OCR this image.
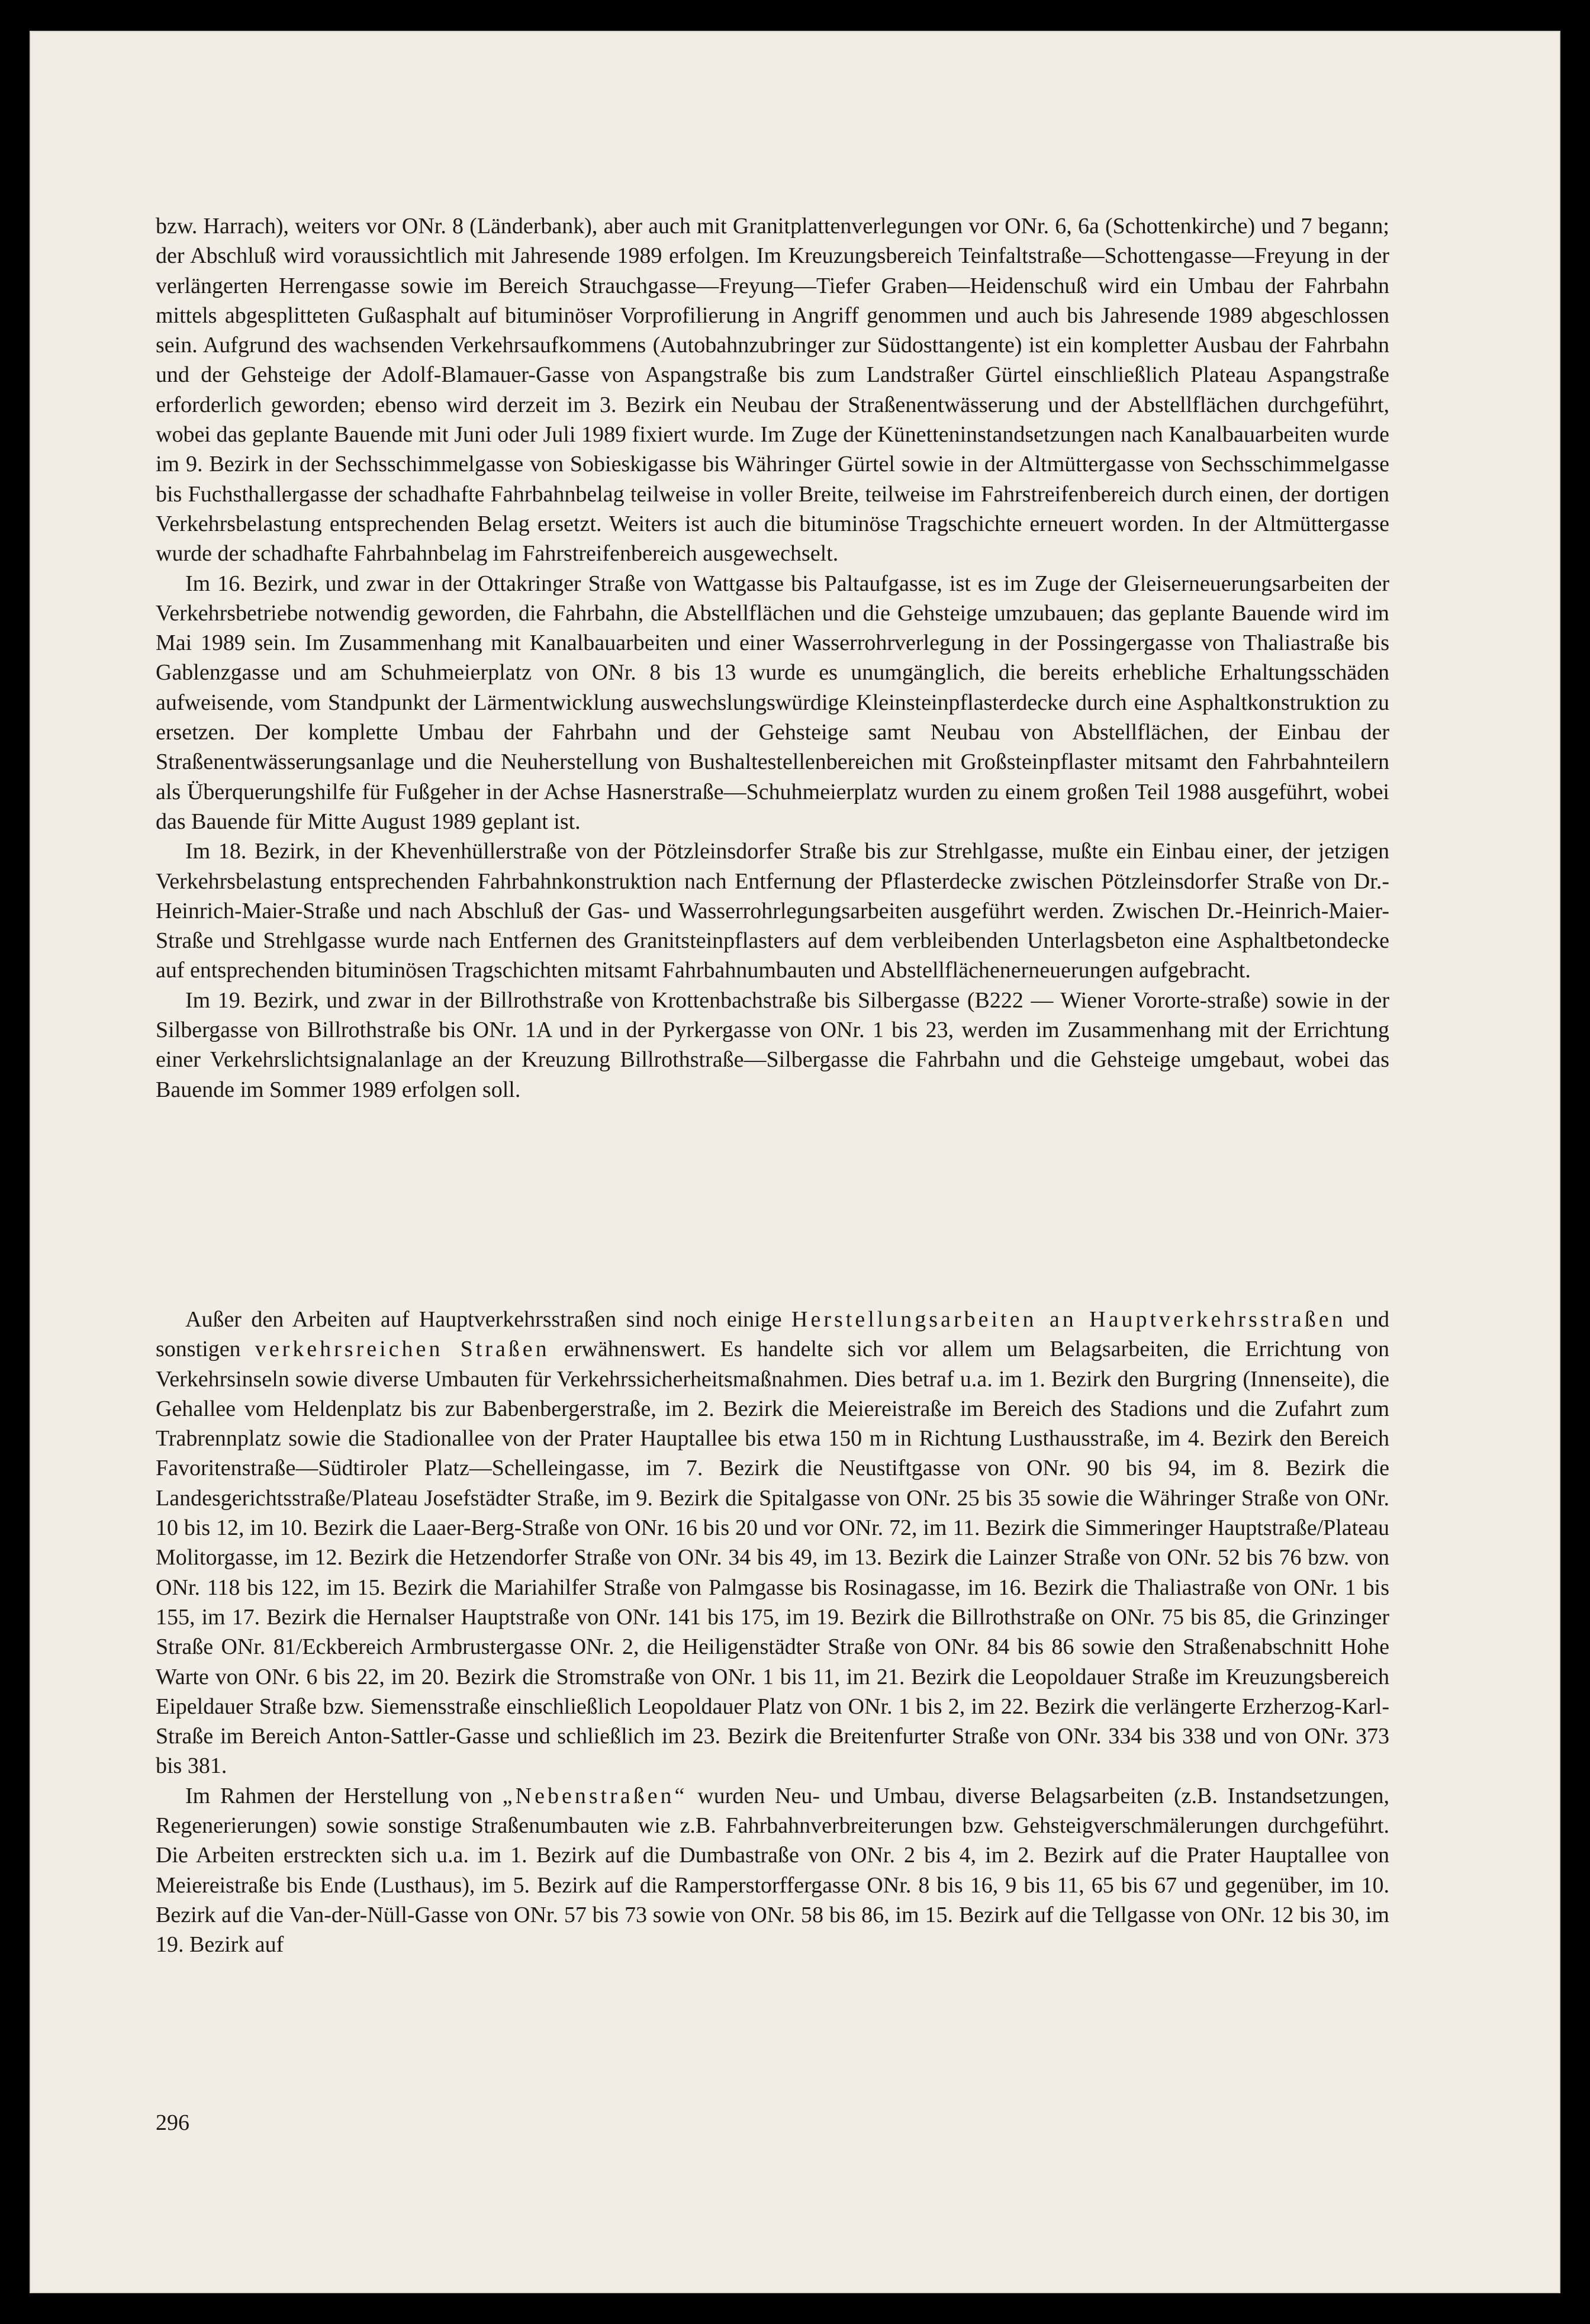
bzw. Harrach), weiters vor ONr. 8 (Länderbank), aber auch mit Granitplattenverlegungen vor ONr. 6, 6a (Schottenkirche) und 7 begann; der Abschluß wird voraussichtlich mit Jahresende 1989 erfolgen. Im Kreuzungsbereich Teinfaltstraße—Schottengasse—Freyung in der verlängerten Herrengasse sowie im Bereich Strauchgasse—Freyung—Tiefer Graben—Heidenschuß wird ein Umbau der Fahrbahn mittels abgesplitteten Gußasphalt auf bituminöser Vorprofilierung in Angriff genommen und auch bis Jahresende 1989 abgeschlossen sein. Aufgrund des wachsenden Verkehrsaufkommens (Autobahnzubringer zur Südosttangente) ist ein kompletter Ausbau der Fahrbahn und der Gehsteige der Adolf-Blamauer-Gasse von Aspangstraße bis zum Landstraßer Gürtel einschließlich Plateau Aspangstraße erforderlich geworden; ebenso wird derzeit im 3. Bezirk ein Neubau der Straßenentwässerung und der Abstellflächen durchgeführt, wobei das geplante Bauende mit Juni oder Juli 1989 fixiert wurde. Im Zuge der Künetteninstandsetzungen nach Kanalbauarbeiten wurde im 9. Bezirk in der Sechsschimmelgasse von Sobieskigasse bis Währinger Gürtel sowie in der Altmüttergasse von Sechsschimmelgasse bis Fuchsthallergasse der schadhafte Fahrbahnbelag teilweise in voller Breite, teilweise im Fahrstreifenbereich durch einen, der dortigen Verkehrsbelastung entsprechenden Belag ersetzt. Weiters ist auch die bituminöse Tragschichte erneuert worden. In der Altmüttergasse wurde der schadhafte Fahrbahnbelag im Fahrstreifenbereich ausgewechselt.

Im 16. Bezirk, und zwar in der Ottakringer Straße von Wattgasse bis Paltaufgasse, ist es im Zuge der Gleiserneuerungsarbeiten der Verkehrsbetriebe notwendig geworden, die Fahrbahn, die Abstellflächen und die Gehsteige umzubauen; das geplante Bauende wird im Mai 1989 sein. Im Zusammenhang mit Kanalbauarbeiten und einer Wasserrohrverlegung in der Possingergasse von Thaliastraße bis Gablenzgasse und am Schuhmeierplatz von ONr. 8 bis 13 wurde es unumgänglich, die bereits erhebliche Erhaltungsschäden aufweisende, vom Standpunkt der Lärmentwicklung auswechslungswürdige Kleinsteinpflasterdecke durch eine Asphaltkonstruktion zu ersetzen. Der komplette Umbau der Fahrbahn und der Gehsteige samt Neubau von Abstellflächen, der Einbau der Straßenentwässerungsanlage und die Neuherstellung von Bushaltestellenbereichen mit Großsteinpflaster mitsamt den Fahrbahnteilern als Überquerungshilfe für Fußgeher in der Achse Hasnerstraße—Schuhmeierplatz wurden zu einem großen Teil 1988 ausgeführt, wobei das Bauende für Mitte August 1989 geplant ist.

Im 18. Bezirk, in der Khevenhüllerstraße von der Pötzleinsdorfer Straße bis zur Strehlgasse, mußte ein Einbau einer, der jetzigen Verkehrsbelastung entsprechenden Fahrbahnkonstruktion nach Entfernung der Pflasterdecke zwischen Pötzleinsdorfer Straße von Dr.-Heinrich-Maier-Straße und nach Abschluß der Gas- und Wasserrohrlegungsarbeiten ausgeführt werden. Zwischen Dr.-Heinrich-Maier-Straße und Strehlgasse wurde nach Entfernen des Granitsteinpflasters auf dem verbleibenden Unterlagsbeton eine Asphaltbetondecke auf entsprechenden bituminösen Tragschichten mitsamt Fahrbahnumbauten und Abstellflächenerneuerungen aufgebracht.

Im 19. Bezirk, und zwar in der Billrothstraße von Krottenbachstraße bis Silbergasse (B222 — Wiener Vororte-straße) sowie in der Silbergasse von Billrothstraße bis ONr. 1A und in der Pyrkergasse von ONr. 1 bis 23, werden im Zusammenhang mit der Errichtung einer Verkehrslichtsignalanlage an der Kreuzung Billrothstraße—Silbergasse die Fahrbahn und die Gehsteige umgebaut, wobei das Bauende im Sommer 1989 erfolgen soll.

Außer den Arbeiten auf Hauptverkehrsstraßen sind noch einige Herstellungsarbeiten an Hauptverkehrsstraßen und sonstigen verkehrsreichen Straßen erwähnenswert. Es handelte sich vor allem um Belagsarbeiten, die Errichtung von Verkehrsinseln sowie diverse Umbauten für Verkehrssicherheitsmaßnahmen. Dies betraf u.a. im 1. Bezirk den Burgring (Innenseite), die Gehallee vom Heldenplatz bis zur Babenbergerstraße, im 2. Bezirk die Meiereistraße im Bereich des Stadions und die Zufahrt zum Trabrennplatz sowie die Stadionallee von der Prater Hauptallee bis etwa 150 m in Richtung Lusthausstraße, im 4. Bezirk den Bereich Favoritenstraße—Südtiroler Platz—Schelleingasse, im 7. Bezirk die Neustiftgasse von ONr. 90 bis 94, im 8. Bezirk die Landesgerichtsstraße/Plateau Josefstädter Straße, im 9. Bezirk die Spitalgasse von ONr. 25 bis 35 sowie die Währinger Straße von ONr. 10 bis 12, im 10. Bezirk die Laaer-Berg-Straße von ONr. 16 bis 20 und vor ONr. 72, im 11. Bezirk die Simmeringer Hauptstraße/Plateau Molitorgasse, im 12. Bezirk die Hetzendorfer Straße von ONr. 34 bis 49, im 13. Bezirk die Lainzer Straße von ONr. 52 bis 76 bzw. von ONr. 118 bis 122, im 15. Bezirk die Mariahilfer Straße von Palmgasse bis Rosinagasse, im 16. Bezirk die Thaliastraße von ONr. 1 bis 155, im 17. Bezirk die Hernalser Hauptstraße von ONr. 141 bis 175, im 19. Bezirk die Billrothstraße on ONr. 75 bis 85, die Grinzinger Straße ONr. 81/Eckbereich Armbrustergasse ONr. 2, die Heiligenstädter Straße von ONr. 84 bis 86 sowie den Straßenabschnitt Hohe Warte von ONr. 6 bis 22, im 20. Bezirk die Stromstraße von ONr. 1 bis 11, im 21. Bezirk die Leopoldauer Straße im Kreuzungsbereich Eipeldauer Straße bzw. Siemensstraße einschließlich Leopoldauer Platz von ONr. 1 bis 2, im 22. Bezirk die verlängerte Erzherzog-Karl-Straße im Bereich Anton-Sattler-Gasse und schließlich im 23. Bezirk die Breitenfurter Straße von ONr. 334 bis 338 und von ONr. 373 bis 381.

Im Rahmen der Herstellung von „Nebenstraßen“ wurden Neu- und Umbau, diverse Belagsarbeiten (z.B. Instandsetzungen, Regenerierungen) sowie sonstige Straßenumbauten wie z.B. Fahrbahnverbreiterungen bzw. Gehsteigverschmälerungen durchgeführt. Die Arbeiten erstreckten sich u.a. im 1. Bezirk auf die Dumbastraße von ONr. 2 bis 4, im 2. Bezirk auf die Prater Hauptallee von Meiereistraße bis Ende (Lusthaus), im 5. Bezirk auf die Ramperstorffergasse ONr. 8 bis 16, 9 bis 11, 65 bis 67 und gegenüber, im 10. Bezirk auf die Van-der-Nüll-Gasse von ONr. 57 bis 73 sowie von ONr. 58 bis 86, im 15. Bezirk auf die Tellgasse von ONr. 12 bis 30, im 19. Bezirk auf

296
